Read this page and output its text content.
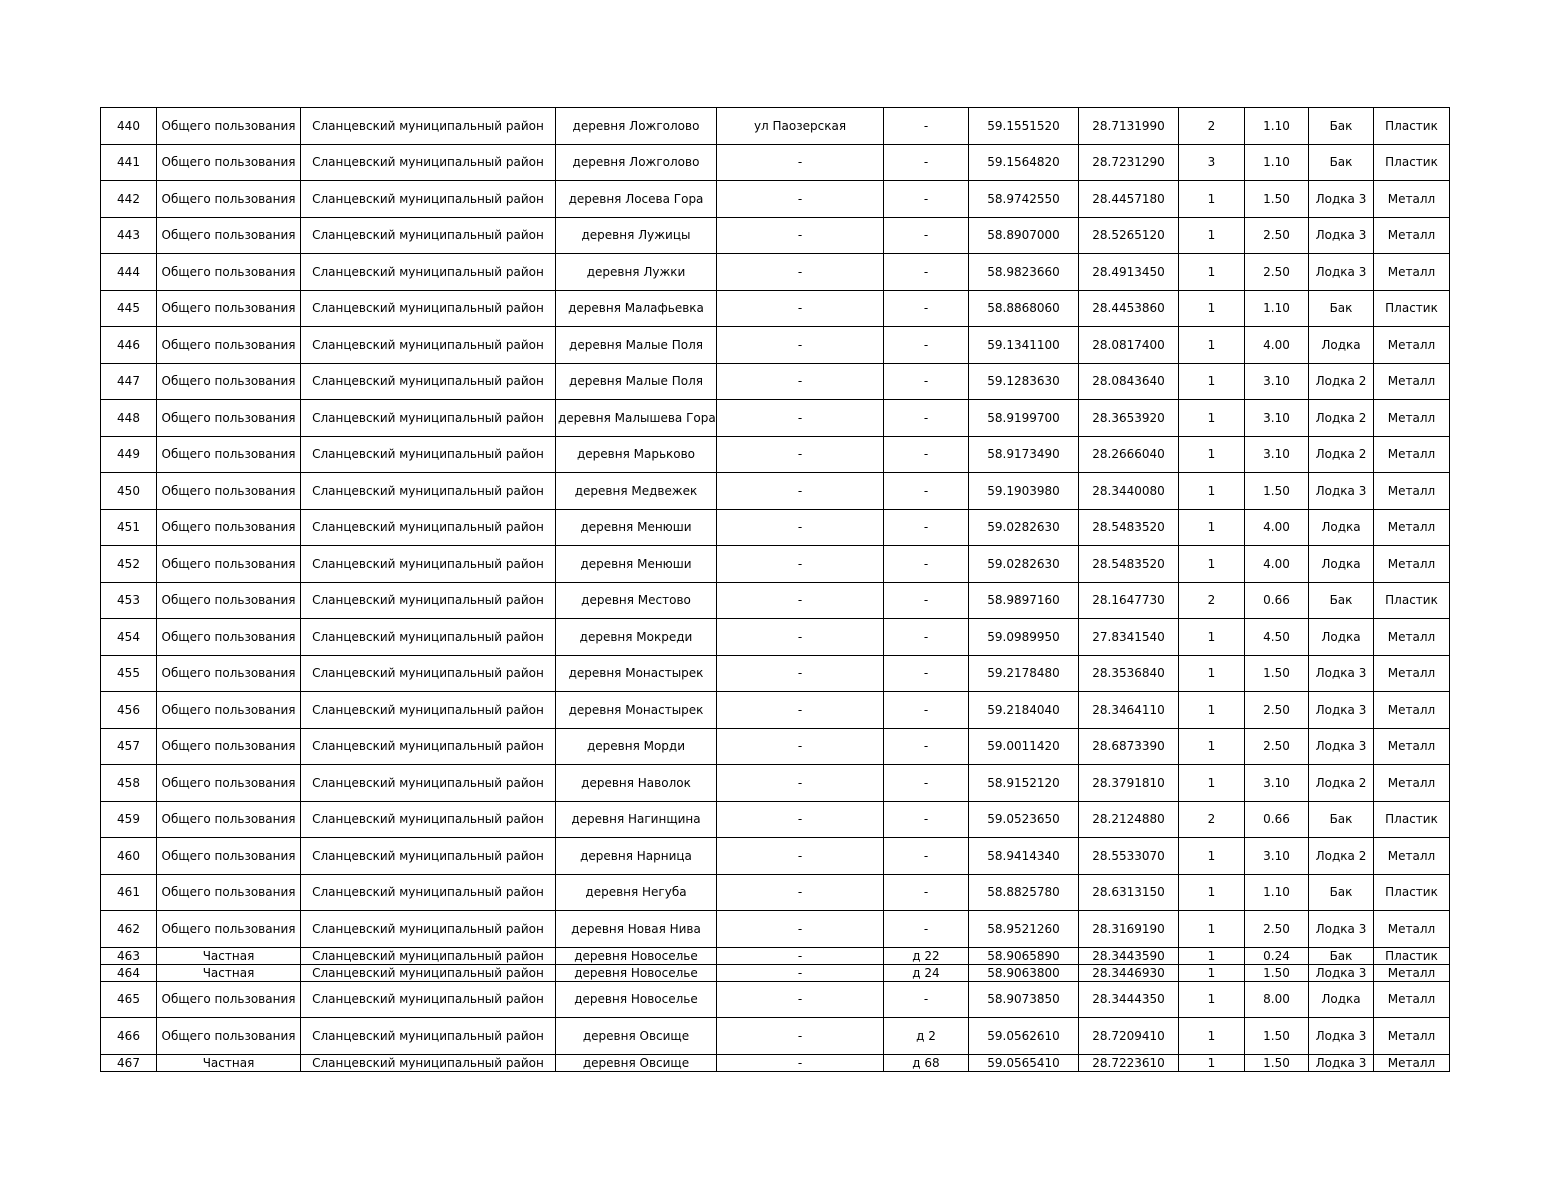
440	Общего пользования	Сланцевский муниципальный район	деревня Ложголово	ул Паозерская	-	59.1551520	28.7131990	2	1.10	Бак	Пластик
441	Общего пользования	Сланцевский муниципальный район	деревня Ложголово	-	-	59.1564820	28.7231290	3	1.10	Бак	Пластик
442	Общего пользования	Сланцевский муниципальный район	деревня Лосева Гора	-	-	58.9742550	28.4457180	1	1.50	Лодка 3	Металл
443	Общего пользования	Сланцевский муниципальный район	деревня Лужицы	-	-	58.8907000	28.5265120	1	2.50	Лодка 3	Металл
444	Общего пользования	Сланцевский муниципальный район	деревня Лужки	-	-	58.9823660	28.4913450	1	2.50	Лодка 3	Металл
445	Общего пользования	Сланцевский муниципальный район	деревня Малафьевка	-	-	58.8868060	28.4453860	1	1.10	Бак	Пластик
446	Общего пользования	Сланцевский муниципальный район	деревня Малые Поля	-	-	59.1341100	28.0817400	1	4.00	Лодка	Металл
447	Общего пользования	Сланцевский муниципальный район	деревня Малые Поля	-	-	59.1283630	28.0843640	1	3.10	Лодка 2	Металл
448	Общего пользования	Сланцевский муниципальный район	деревня Малышева Гора	-	-	58.9199700	28.3653920	1	3.10	Лодка 2	Металл
449	Общего пользования	Сланцевский муниципальный район	деревня Марьково	-	-	58.9173490	28.2666040	1	3.10	Лодка 2	Металл
450	Общего пользования	Сланцевский муниципальный район	деревня Медвежек	-	-	59.1903980	28.3440080	1	1.50	Лодка 3	Металл
451	Общего пользования	Сланцевский муниципальный район	деревня Менюши	-	-	59.0282630	28.5483520	1	4.00	Лодка	Металл
452	Общего пользования	Сланцевский муниципальный район	деревня Менюши	-	-	59.0282630	28.5483520	1	4.00	Лодка	Металл
453	Общего пользования	Сланцевский муниципальный район	деревня Местово	-	-	58.9897160	28.1647730	2	0.66	Бак	Пластик
454	Общего пользования	Сланцевский муниципальный район	деревня Мокреди	-	-	59.0989950	27.8341540	1	4.50	Лодка	Металл
455	Общего пользования	Сланцевский муниципальный район	деревня Монастырек	-	-	59.2178480	28.3536840	1	1.50	Лодка 3	Металл
456	Общего пользования	Сланцевский муниципальный район	деревня Монастырек	-	-	59.2184040	28.3464110	1	2.50	Лодка 3	Металл
457	Общего пользования	Сланцевский муниципальный район	деревня Морди	-	-	59.0011420	28.6873390	1	2.50	Лодка 3	Металл
458	Общего пользования	Сланцевский муниципальный район	деревня Наволок	-	-	58.9152120	28.3791810	1	3.10	Лодка 2	Металл
459	Общего пользования	Сланцевский муниципальный район	деревня Нагинщина	-	-	59.0523650	28.2124880	2	0.66	Бак	Пластик
460	Общего пользования	Сланцевский муниципальный район	деревня Нарница	-	-	58.9414340	28.5533070	1	3.10	Лодка 2	Металл
461	Общего пользования	Сланцевский муниципальный район	деревня Негуба	-	-	58.8825780	28.6313150	1	1.10	Бак	Пластик
462	Общего пользования	Сланцевский муниципальный район	деревня Новая Нива	-	-	58.9521260	28.3169190	1	2.50	Лодка 3	Металл
463	Частная	Сланцевский муниципальный район	деревня Новоселье	-	д 22	58.9065890	28.3443590	1	0.24	Бак	Пластик
464	Частная	Сланцевский муниципальный район	деревня Новоселье	-	д 24	58.9063800	28.3446930	1	1.50	Лодка 3	Металл
465	Общего пользования	Сланцевский муниципальный район	деревня Новоселье	-	-	58.9073850	28.3444350	1	8.00	Лодка	Металл
466	Общего пользования	Сланцевский муниципальный район	деревня Овсище	-	д 2	59.0562610	28.7209410	1	1.50	Лодка 3	Металл
467	Частная	Сланцевский муниципальный район	деревня Овсище	-	д 68	59.0565410	28.7223610	1	1.50	Лодка 3	Металл
